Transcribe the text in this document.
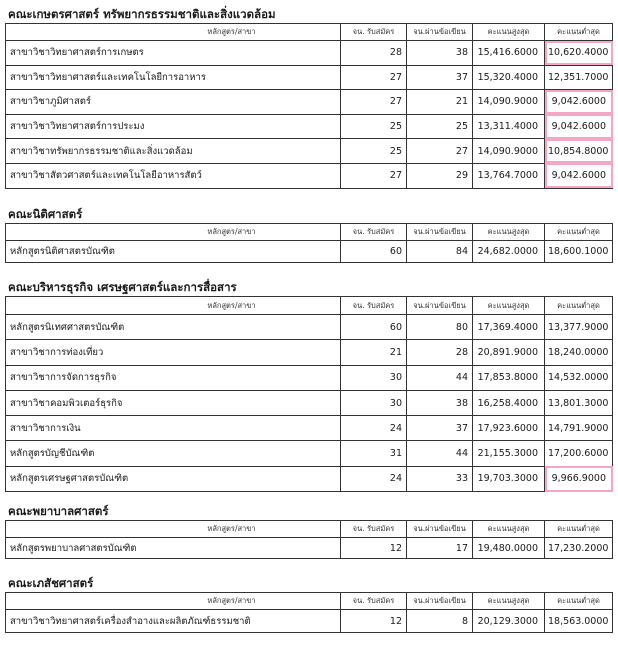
คณะเกษตรศาสตร์ ทรัพยากรธรรมชาติและสิ่งแวดล้อม
หลักสูตร/สาขา	จน. รับสมัคร	จน.ผ่านข้อเขียน	คะแนนสูงสุด	คะแนนต่ำสุด
สาขาวิชาวิทยาศาสตร์การเกษตร	28	38	15,416.6000	10,620.4000
สาขาวิชาวิทยาศาสตร์และเทคโนโลยีการอาหาร	27	37	15,320.4000	12,351.7000
สาขาวิชาภูมิศาสตร์	27	21	14,090.9000	9,042.6000
สาขาวิชาวิทยาศาสตร์การประมง	25	25	13,311.4000	9,042.6000
สาขาวิชาทรัพยากรธรรมชาติและสิ่งแวดล้อม	25	27	14,090.9000	10,854.8000
สาขาวิชาสัตวศาสตร์และเทคโนโลยีอาหารสัตว์	27	29	13,764.7000	9,042.6000
คณะนิติศาสตร์
หลักสูตร/สาขา	จน. รับสมัคร	จน.ผ่านข้อเขียน	คะแนนสูงสุด	คะแนนต่ำสุด
หลักสูตรนิติศาสตรบัณฑิต	60	84	24,682.0000	18,600.1000
คณะบริหารธุรกิจ เศรษฐศาสตร์และการสื่อสาร
หลักสูตร/สาขา	จน. รับสมัคร	จน.ผ่านข้อเขียน	คะแนนสูงสุด	คะแนนต่ำสุด
หลักสูตรนิเทศศาสตรบัณฑิต	60	80	17,369.4000	13,377.9000
สาขาวิชาการท่องเที่ยว	21	28	20,891.9000	18,240.0000
สาขาวิชาการจัดการธุรกิจ	30	44	17,853.8000	14,532.0000
สาขาวิชาคอมพิวเตอร์ธุรกิจ	30	38	16,258.4000	13,801.3000
สาขาวิชาการเงิน	24	37	17,923.6000	14,791.9000
หลักสูตรบัญชีบัณฑิต	31	44	21,155.3000	17,200.6000
หลักสูตรเศรษฐศาสตรบัณฑิต	24	33	19,703.3000	9,966.9000
คณะพยาบาลศาสตร์
หลักสูตร/สาขา	จน. รับสมัคร	จน.ผ่านข้อเขียน	คะแนนสูงสุด	คะแนนต่ำสุด
หลักสูตรพยาบาลศาสตรบัณฑิต	12	17	19,480.0000	17,230.2000
คณะเภสัชศาสตร์
หลักสูตร/สาขา	จน. รับสมัคร	จน.ผ่านข้อเขียน	คะแนนสูงสุด	คะแนนต่ำสุด
สาขาวิชาวิทยาศาสตร์เครื่องสำอางและผลิตภัณฑ์ธรรมชาติ	12	8	20,129.3000	18,563.0000
